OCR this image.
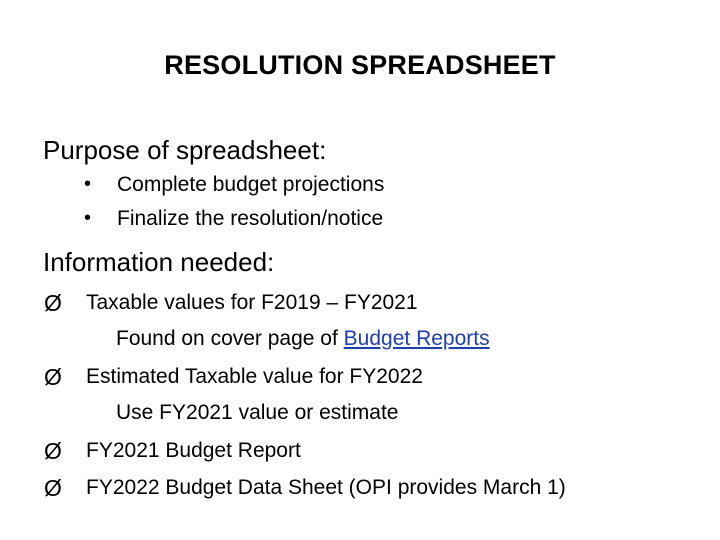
RESOLUTION SPREADSHEET
Purpose of spreadsheet:
• Complete budget projections
• Finalize the resolution/notice
Information needed:
Ø Taxable values for F2019 – FY2021
Found on cover page of Budget Reports
Ø Estimated Taxable value for FY2022
Use FY2021 value or estimate
Ø FY2021 Budget Report
Ø FY2022 Budget Data Sheet (OPI provides March 1)
